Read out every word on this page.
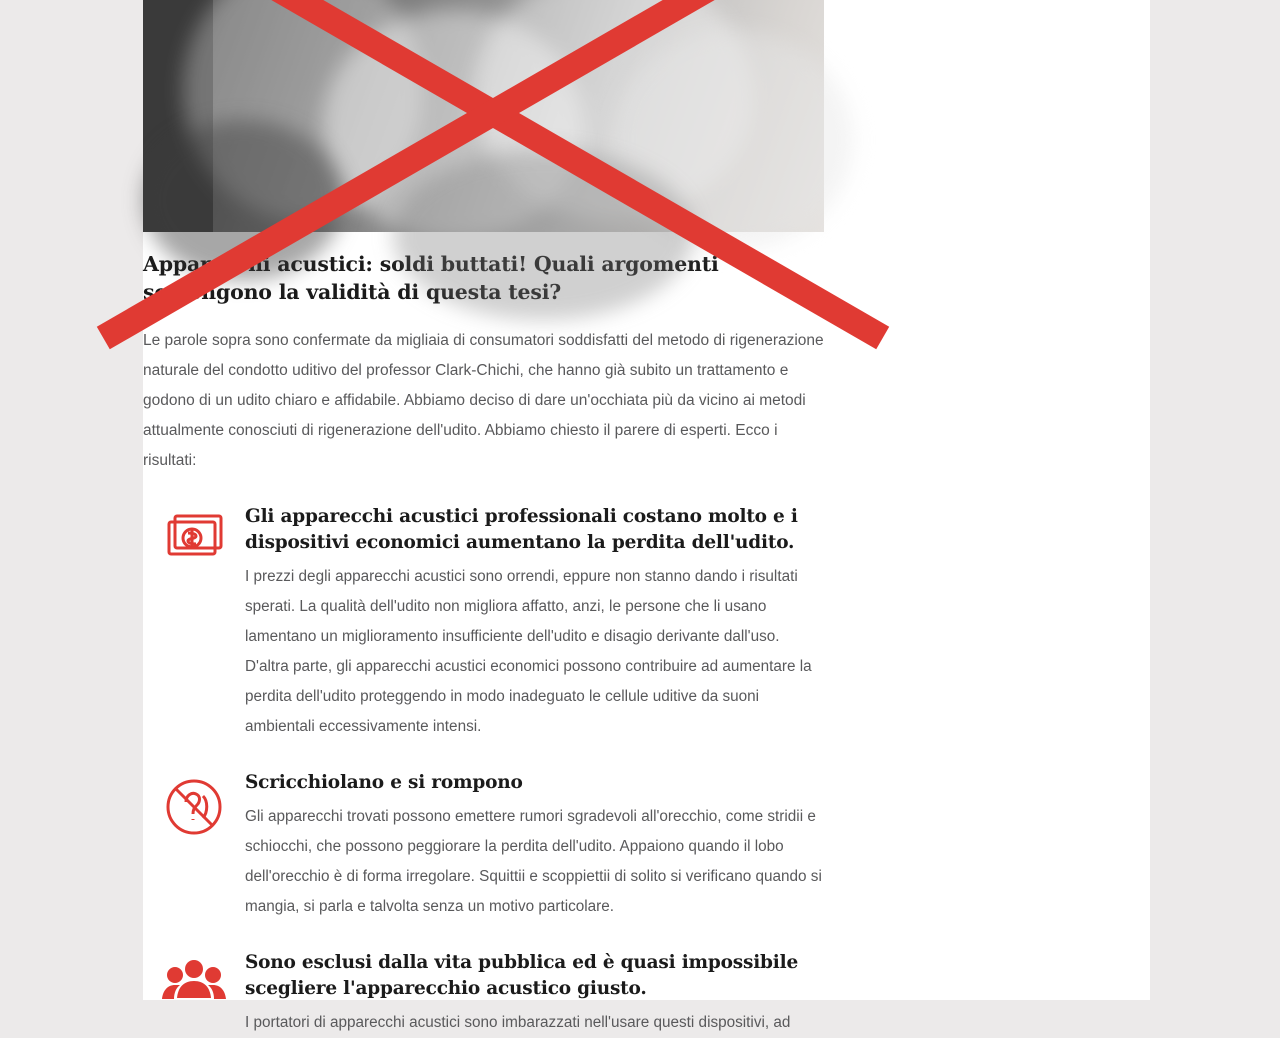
Apparecchi acustici: soldi buttati! Quali argomenti sostengono la validità di questa tesi?

Le parole sopra sono confermate da migliaia di consumatori soddisfatti del metodo di rigenerazione naturale del condotto uditivo del professor Clark-Chichi, che hanno già subito un trattamento e godono di un udito chiaro e affidabile. Abbiamo deciso di dare un'occhiata più da vicino ai metodi attualmente conosciuti di rigenerazione dell'udito. Abbiamo chiesto il parere di esperti. Ecco i risultati:

Gli apparecchi acustici professionali costano molto e i dispositivi economici aumentano la perdita dell'udito.

I prezzi degli apparecchi acustici sono orrendi, eppure non stanno dando i risultati sperati. La qualità dell'udito non migliora affatto, anzi, le persone che li usano lamentano un miglioramento insufficiente dell'udito e disagio derivante dall'uso. D'altra parte, gli apparecchi acustici economici possono contribuire ad aumentare la perdita dell'udito proteggendo in modo inadeguato le cellule uditive da suoni ambientali eccessivamente intensi.

Scricchiolano e si rompono

Gli apparecchi trovati possono emettere rumori sgradevoli all'orecchio, come stridii e schiocchi, che possono peggiorare la perdita dell'udito. Appaiono quando il lobo dell'orecchio è di forma irregolare. Squittii e scoppiettii di solito si verificano quando si mangia, si parla e talvolta senza un motivo particolare.

Sono esclusi dalla vita pubblica ed è quasi impossibile scegliere l'apparecchio acustico giusto.

I portatori di apparecchi acustici sono imbarazzati nell'usare questi dispositivi, ad
